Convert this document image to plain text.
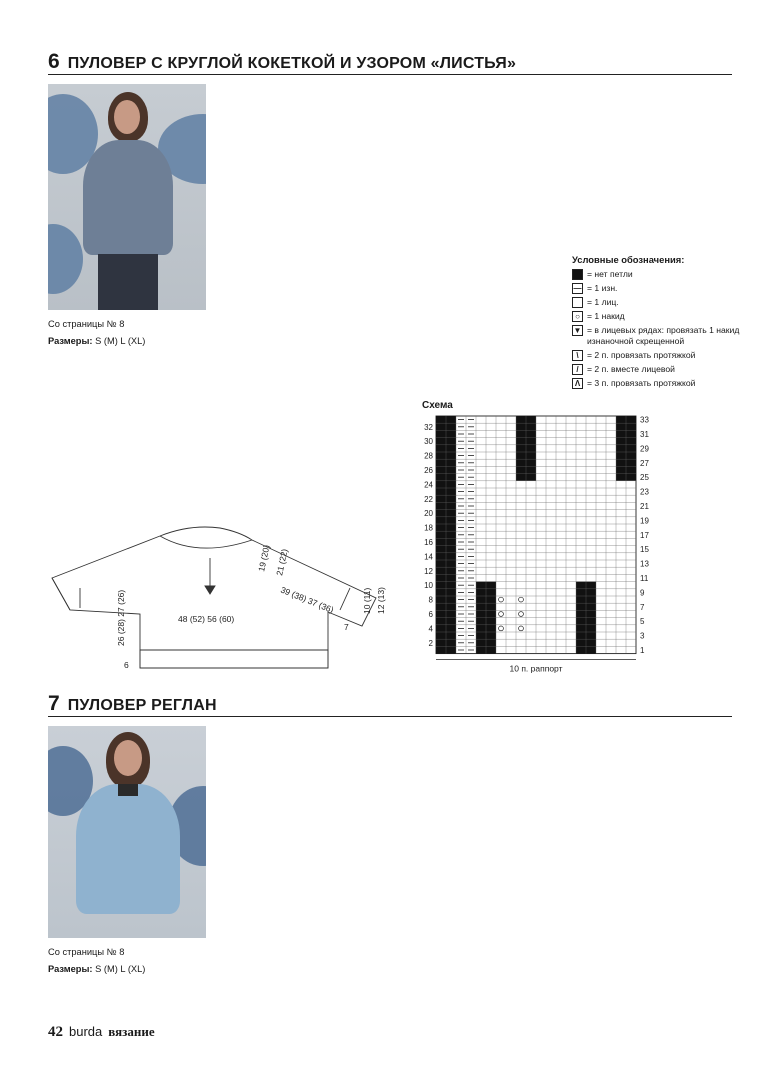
6 ПУЛОВЕР С КРУГЛОЙ КОКЕТКОЙ И УЗОРОМ «ЛИСТЬЯ»

Со страницы № 8

Размеры: S (M) L (XL)

48 (52) 56 (60)
26 (28) 27 (26)
6
19 (20) 21 (22)
39 (38) 37 (36)
7
10 (11) 12 (13)
Схема
2
4
6
8
10
12
14
16
18
20
22
24
26
28
30
32
1
3
5
7
9
11
13
15
17
19
21
23
25
27
29
31
33
10 п. раппорт
Условные обозначения:
= нет петли
— = 1 изн.
= 1 лиц.
○ = 1 накид
▼ = в лицевых рядах: провязать 1 накид изнаночной скрещенной
\ = 2 п. провязать протяжкой
/ = 2 п. вместе лицевой
Λ = 3 п. провязать протяжкой
7 ПУЛОВЕР РЕГЛАН

Со страницы № 8

Размеры: S (M) L (XL)

42 burda вязание
